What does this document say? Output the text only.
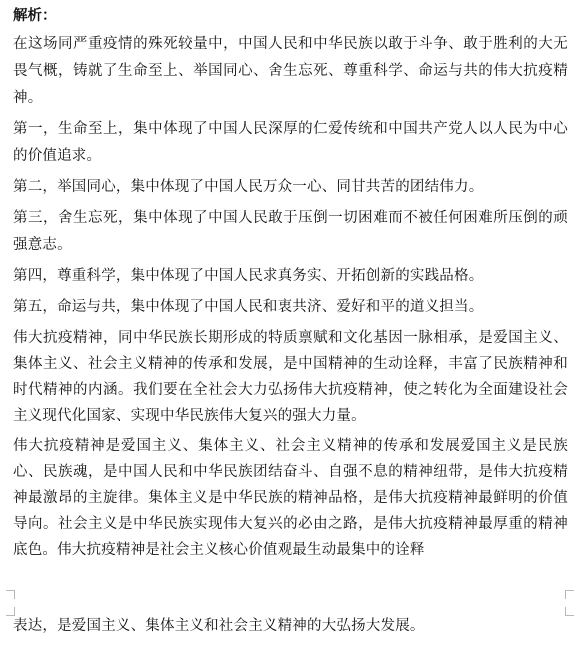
解析：

在这场同严重疫情的殊死较量中，中国人民和中华民族以敢于斗争、敢于胜利的大无畏气概，铸就了生命至上、举国同心、舍生忘死、尊重科学、命运与共的伟大抗疫精神。

第一，生命至上，集中体现了中国人民深厚的仁爱传统和中国共产党人以人民为中心的价值追求。

第二，举国同心，集中体现了中国人民万众一心、同甘共苦的团结伟力。

第三，舍生忘死，集中体现了中国人民敢于压倒一切困难而不被任何困难所压倒的顽强意志。

第四，尊重科学，集中体现了中国人民求真务实、开拓创新的实践品格。

第五，命运与共，集中体现了中国人民和衷共济、爱好和平的道义担当。

伟大抗疫精神，同中华民族长期形成的特质禀赋和文化基因一脉相承，是爱国主义、集体主义、社会主义精神的传承和发展，是中国精神的生动诠释，丰富了民族精神和时代精神的内涵。我们要在全社会大力弘扬伟大抗疫精神，使之转化为全面建设社会主义现代化国家、实现中华民族伟大复兴的强大力量。

伟大抗疫精神是爱国主义、集体主义、社会主义精神的传承和发展爱国主义是民族心、民族魂，是中国人民和中华民族团结奋斗、自强不息的精神纽带，是伟大抗疫精神最激昂的主旋律。集体主义是中华民族的精神品格，是伟大抗疫精神最鲜明的价值导向。社会主义是中华民族实现伟大复兴的必由之路，是伟大抗疫精神最厚重的精神底色。伟大抗疫精神是社会主义核心价值观最生动最集中的诠释

表达，是爱国主义、集体主义和社会主义精神的大弘扬大发展。
